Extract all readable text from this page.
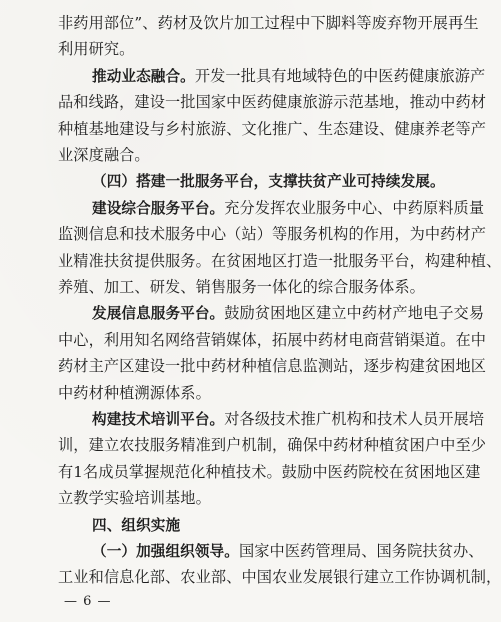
非药用部位”、药材及饮片加工过程中下脚料等废弃物开展再生
利用研究。
推动业态融合。开发一批具有地域特色的中医药健康旅游产
品和线路，建设一批国家中医药健康旅游示范基地，推动中药材
种植基地建设与乡村旅游、文化推广、生态建设、健康养老等产
业深度融合。
（四）搭建一批服务平台，支撑扶贫产业可持续发展。
建设综合服务平台。充分发挥农业服务中心、中药原料质量
监测信息和技术服务中心（站）等服务机构的作用，为中药材产
业精准扶贫提供服务。在贫困地区打造一批服务平台，构建种植、
养殖、加工、研发、销售服务一体化的综合服务体系。
发展信息服务平台。鼓励贫困地区建立中药材产地电子交易
中心，利用知名网络营销媒体，拓展中药材电商营销渠道。在中
药材主产区建设一批中药材种植信息监测站，逐步构建贫困地区
中药材种植溯源体系。
构建技术培训平台。对各级技术推广机构和技术人员开展培
训，建立农技服务精准到户机制，确保中药材种植贫困户中至少
有1名成员掌握规范化种植技术。鼓励中医药院校在贫困地区建
立教学实验培训基地。
四、组织实施
— 6 —
（一）加强组织领导。国家中医药管理局、国务院扶贫办、
工业和信息化部、农业部、中国农业发展银行建立工作协调机制，
